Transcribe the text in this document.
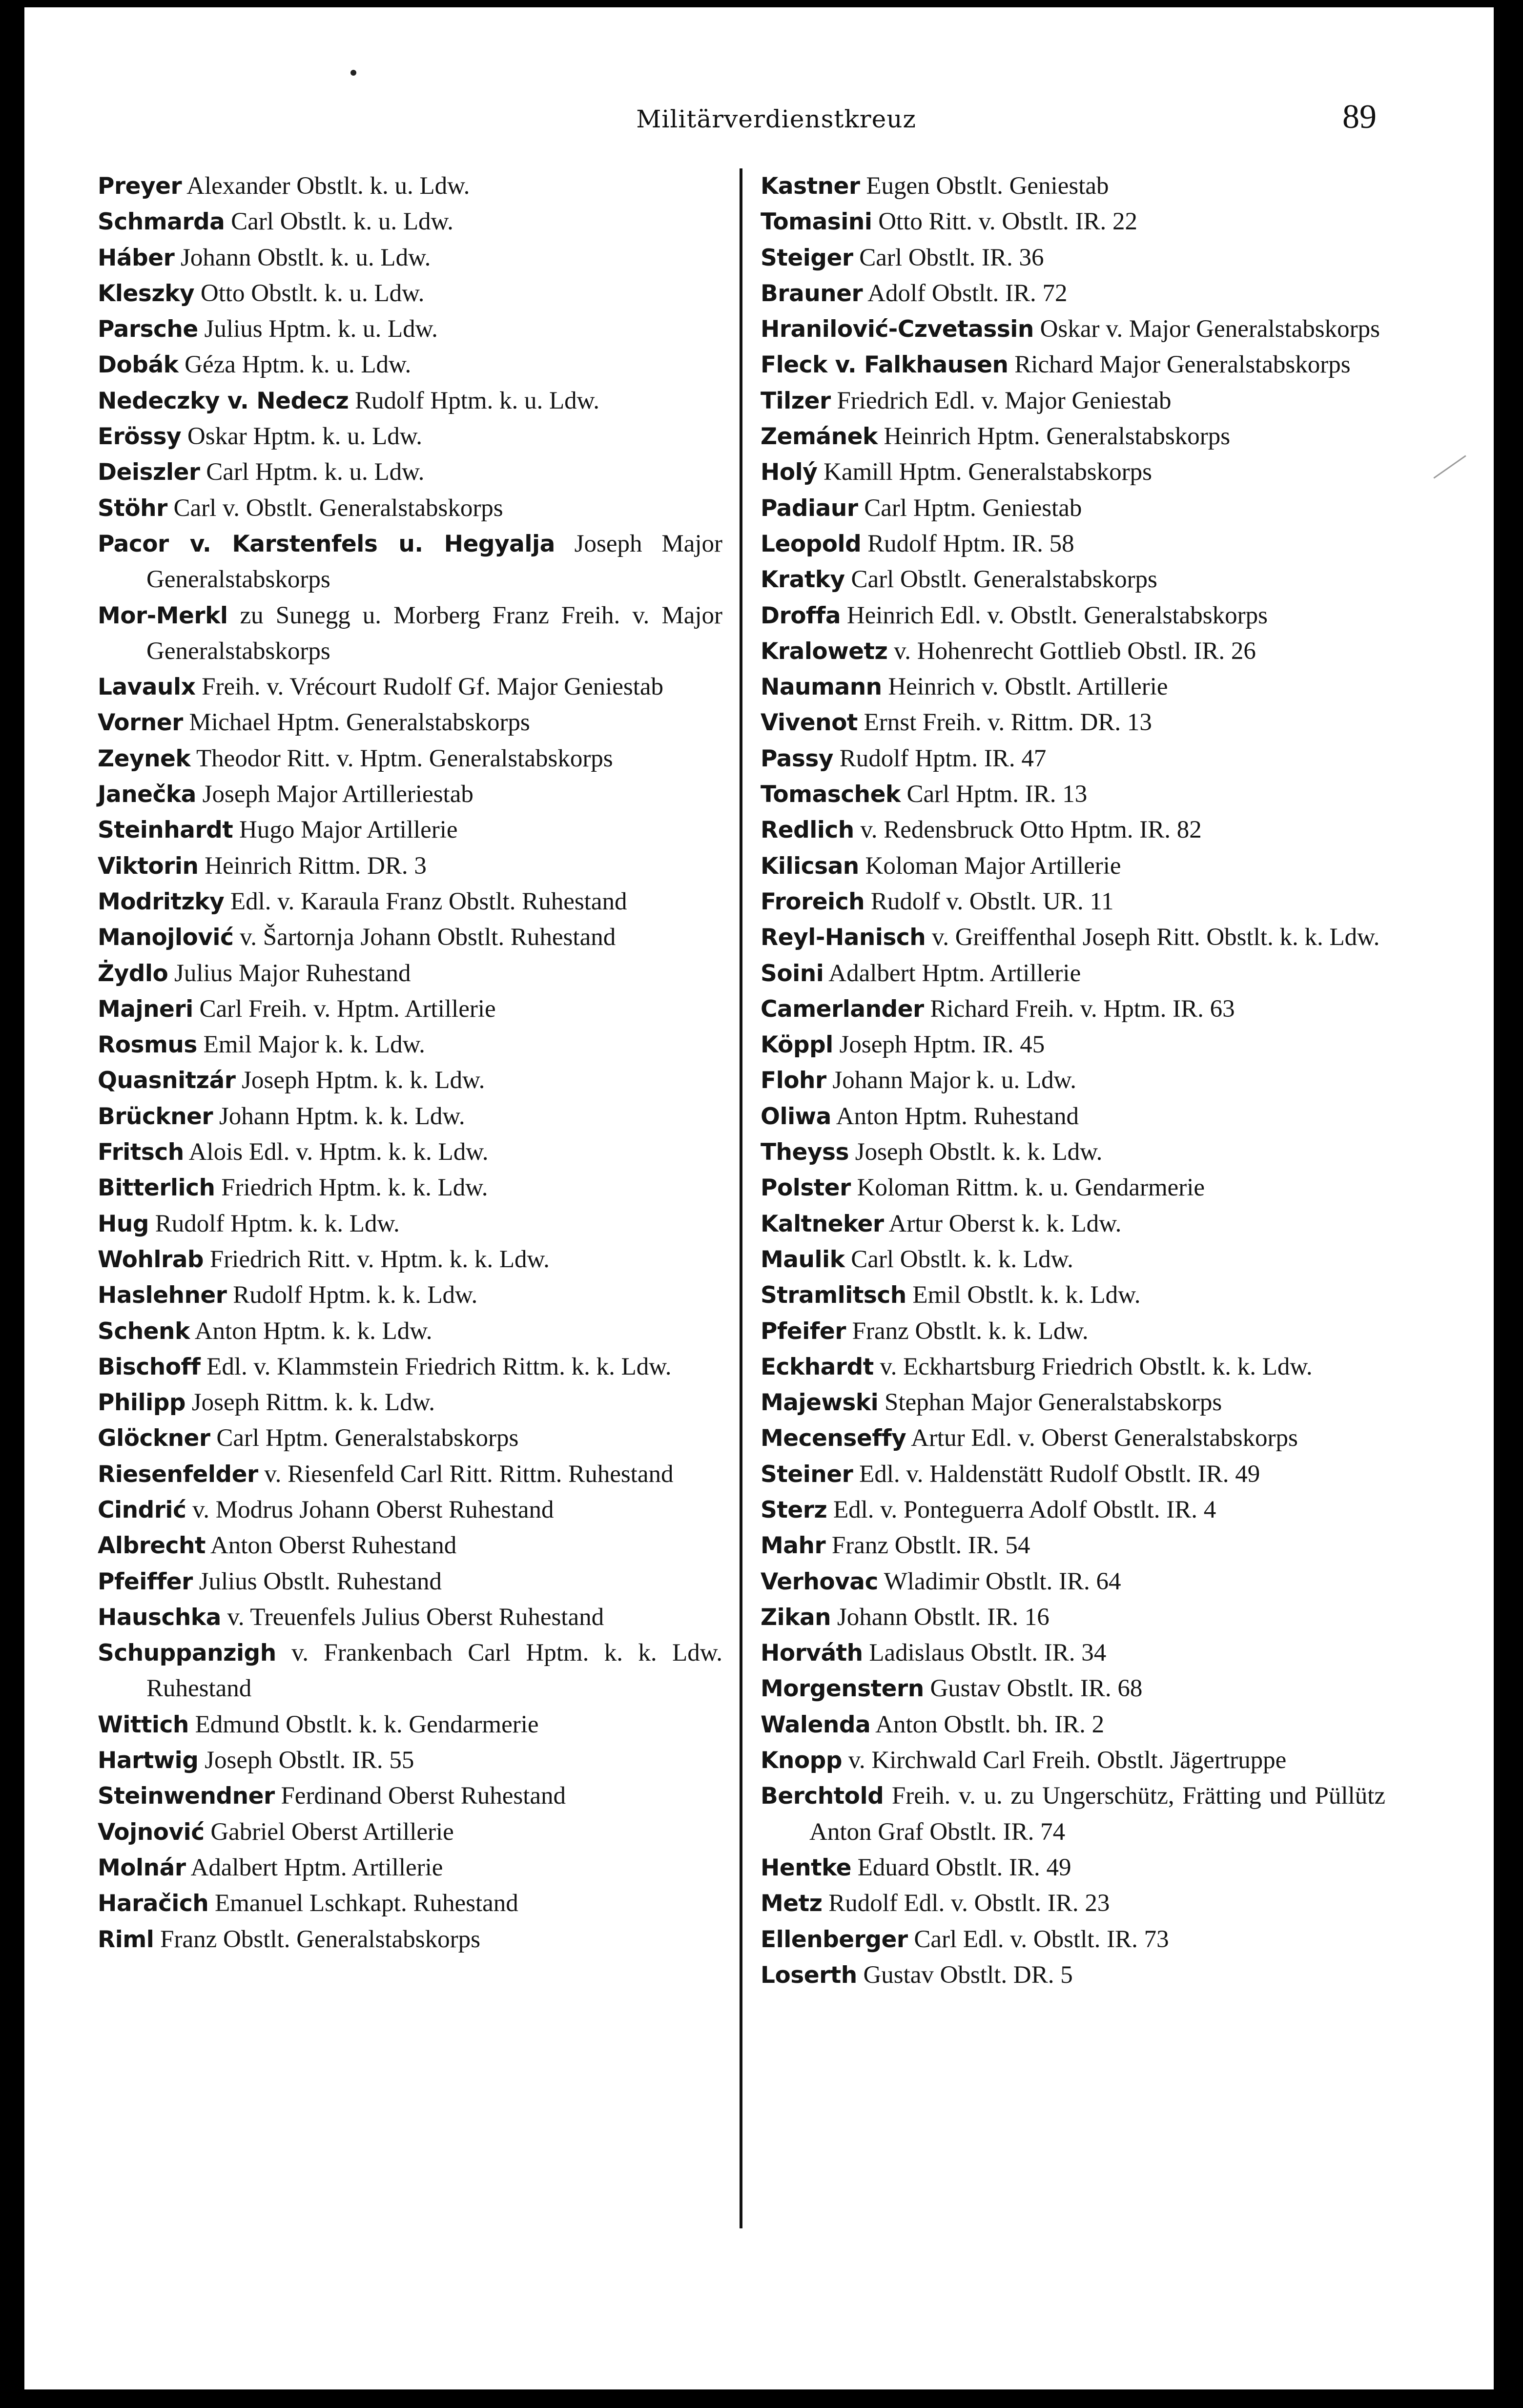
Militärverdienstkreuz	89
Preyer Alexander Obstlt. k. u. Ldw.
Schmarda Carl Obstlt. k. u. Ldw.
Háber Johann Obstlt. k. u. Ldw.
Kleszky Otto Obstlt. k. u. Ldw.
Parsche Julius Hptm. k. u. Ldw.
Dobák Géza Hptm. k. u. Ldw.
Nedeczky v. Nedecz Rudolf Hptm. k. u. Ldw.
Erössy Oskar Hptm. k. u. Ldw.
Deiszler Carl Hptm. k. u. Ldw.
Stöhr Carl v. Obstlt. Generalstabskorps
Pacor v. Karstenfels u. Hegyalja Joseph Major Generalstabskorps
Mor-Merkl zu Sunegg u. Morberg Franz Freih. v. Major Generalstabskorps
Lavaulx Freih. v. Vrécourt Rudolf Gf. Major Geniestab
Vorner Michael Hptm. Generalstabskorps
Zeynek Theodor Ritt. v. Hptm. Generalstabskorps
Janečka Joseph Major Artilleriestab
Steinhardt Hugo Major Artillerie
Viktorin Heinrich Rittm. DR. 3
Modritzky Edl. v. Karaula Franz Obstlt. Ruhestand
Manojlović v. Šartornja Johann Obstlt. Ruhestand
Żydlo Julius Major Ruhestand
Majneri Carl Freih. v. Hptm. Artillerie
Rosmus Emil Major k. k. Ldw.
Quasnitzár Joseph Hptm. k. k. Ldw.
Brückner Johann Hptm. k. k. Ldw.
Fritsch Alois Edl. v. Hptm. k. k. Ldw.
Bitterlich Friedrich Hptm. k. k. Ldw.
Hug Rudolf Hptm. k. k. Ldw.
Wohlrab Friedrich Ritt. v. Hptm. k. k. Ldw.
Haslehner Rudolf Hptm. k. k. Ldw.
Schenk Anton Hptm. k. k. Ldw.
Bischoff Edl. v. Klammstein Friedrich Rittm. k. k. Ldw.
Philipp Joseph Rittm. k. k. Ldw.
Glöckner Carl Hptm. Generalstabskorps
Riesenfelder v. Riesenfeld Carl Ritt. Rittm. Ruhestand
Cindrić v. Modrus Johann Oberst Ruhestand
Albrecht Anton Oberst Ruhestand
Pfeiffer Julius Obstlt. Ruhestand
Hauschka v. Treuenfels Julius Oberst Ruhestand
Schuppanzigh v. Frankenbach Carl Hptm. k. k. Ldw. Ruhestand
Wittich Edmund Obstlt. k. k. Gendarmerie
Hartwig Joseph Obstlt. IR. 55
Steinwendner Ferdinand Oberst Ruhestand
Vojnović Gabriel Oberst Artillerie
Molnár Adalbert Hptm. Artillerie
Haračich Emanuel Lschkapt. Ruhestand
Riml Franz Obstlt. Generalstabskorps
Kastner Eugen Obstlt. Geniestab
Tomasini Otto Ritt. v. Obstlt. IR. 22
Steiger Carl Obstlt. IR. 36
Brauner Adolf Obstlt. IR. 72
Hranilović-Czvetassin Oskar v. Major Generalstabskorps
Fleck v. Falkhausen Richard Major Generalstabskorps
Tilzer Friedrich Edl. v. Major Geniestab
Zemánek Heinrich Hptm. Generalstabskorps
Holý Kamill Hptm. Generalstabskorps
Padiaur Carl Hptm. Geniestab
Leopold Rudolf Hptm. IR. 58
Kratky Carl Obstlt. Generalstabskorps
Droffa Heinrich Edl. v. Obstlt. Generalstabskorps
Kralowetz v. Hohenrecht Gottlieb Obstl. IR. 26
Naumann Heinrich v. Obstlt. Artillerie
Vivenot Ernst Freih. v. Rittm. DR. 13
Passy Rudolf Hptm. IR. 47
Tomaschek Carl Hptm. IR. 13
Redlich v. Redensbruck Otto Hptm. IR. 82
Kilicsan Koloman Major Artillerie
Froreich Rudolf v. Obstlt. UR. 11
Reyl-Hanisch v. Greiffenthal Joseph Ritt. Obstlt. k. k. Ldw.
Soini Adalbert Hptm. Artillerie
Camerlander Richard Freih. v. Hptm. IR. 63
Köppl Joseph Hptm. IR. 45
Flohr Johann Major k. u. Ldw.
Oliwa Anton Hptm. Ruhestand
Theyss Joseph Obstlt. k. k. Ldw.
Polster Koloman Rittm. k. u. Gendarmerie
Kaltneker Artur Oberst k. k. Ldw.
Maulik Carl Obstlt. k. k. Ldw.
Stramlitsch Emil Obstlt. k. k. Ldw.
Pfeifer Franz Obstlt. k. k. Ldw.
Eckhardt v. Eckhartsburg Friedrich Obstlt. k. k. Ldw.
Majewski Stephan Major Generalstabskorps
Mecenseffy Artur Edl. v. Oberst Generalstabskorps
Steiner Edl. v. Haldenstätt Rudolf Obstlt. IR. 49
Sterz Edl. v. Ponteguerra Adolf Obstlt. IR. 4
Mahr Franz Obstlt. IR. 54
Verhovac Wladimir Obstlt. IR. 64
Zikan Johann Obstlt. IR. 16
Horváth Ladislaus Obstlt. IR. 34
Morgenstern Gustav Obstlt. IR. 68
Walenda Anton Obstlt. bh. IR. 2
Knopp v. Kirchwald Carl Freih. Obstlt. Jägertruppe
Berchtold Freih. v. u. zu Ungerschütz, Frätting und Püllütz Anton Graf Obstlt. IR. 74
Hentke Eduard Obstlt. IR. 49
Metz Rudolf Edl. v. Obstlt. IR. 23
Ellenberger Carl Edl. v. Obstlt. IR. 73
Loserth Gustav Obstlt. DR. 5
